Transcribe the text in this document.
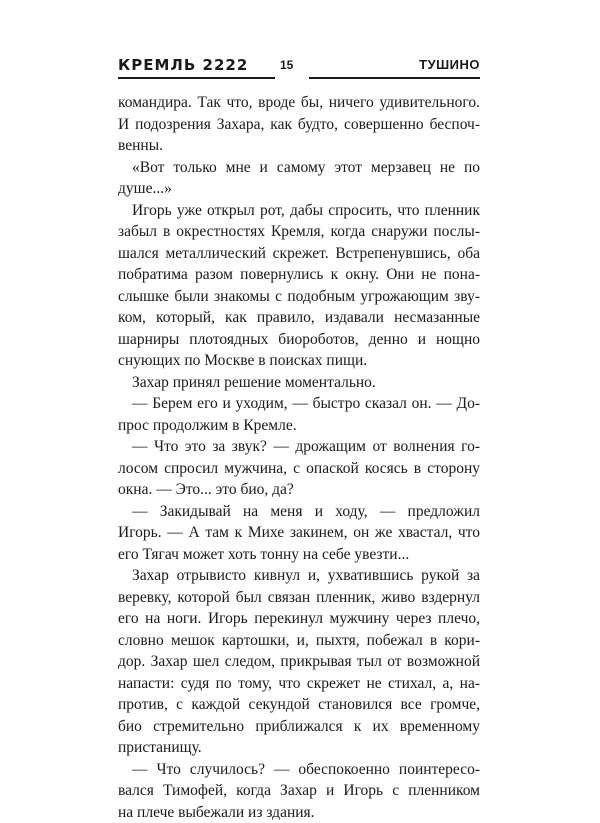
КРЕМЛЬ 2222	15	ТУШИНО
командира. Так что, вроде бы, ничего удивительного.
И подозрения Захара, как будто, совершенно беспоч-
венны.
«Вот только мне и самому этот мерзавец не по
душе...»
Игорь уже открыл рот, дабы спросить, что пленник
забыл в окрестностях Кремля, когда снаружи послы-
шался металлический скрежет. Встрепенувшись, оба
побратима разом повернулись к окну. Они не пона-
слышке были знакомы с подобным угрожающим зву-
ком, который, как правило, издавали несмазанные
шарниры плотоядных биороботов, денно и нощно
снующих по Москве в поисках пищи.
Захар принял решение моментально.
— Берем его и уходим, — быстро сказал он. — До-
прос продолжим в Кремле.
— Что это за звук? — дрожащим от волнения го-
лосом спросил мужчина, с опаской косясь в сторону
окна. — Это... это био, да?
— Закидывай на меня и ходу, — предложил
Игорь. — А там к Михе закинем, он же хвастал, что
его Тягач может хоть тонну на себе увезти...
Захар отрывисто кивнул и, ухватившись рукой за
веревку, которой был связан пленник, живо вздернул
его на ноги. Игорь перекинул мужчину через плечо,
словно мешок картошки, и, пыхтя, побежал в кори-
дор. Захар шел следом, прикрывая тыл от возможной
напасти: судя по тому, что скрежет не стихал, а, на-
против, с каждой секундой становился все громче,
био стремительно приближался к их временному
пристанищу.
— Что случилось? — обеспокоенно поинтересо-
вался Тимофей, когда Захар и Игорь с пленником
на плече выбежали из здания.
